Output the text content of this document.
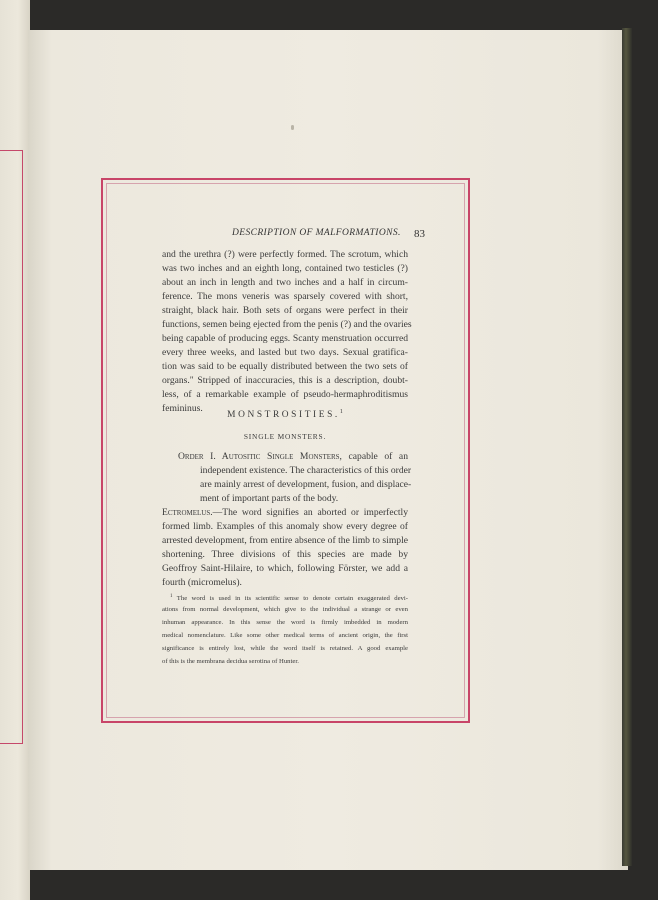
DESCRIPTION OF MALFORMATIONS. 83
and the urethra (?) were perfectly formed. The scrotum, which
was two inches and an eighth long, contained two testicles (?)
about an inch in length and two inches and a half in circum-
ference. The mons veneris was sparsely covered with short,
straight, black hair. Both sets of organs were perfect in their
functions, semen being ejected from the penis (?) and the ovaries
being capable of producing eggs. Scanty menstruation occurred
every three weeks, and lasted but two days. Sexual gratifica-
tion was said to be equally distributed between the two sets of
organs." Stripped of inaccuracies, this is a description, doubt-
less, of a remarkable example of pseudo-hermaphroditismus
femininus.
MONSTROSITIES.$^1$
SINGLE MONSTERS.
Order I. Autositic Single Monsters, capable of an
independent existence. The characteristics of this order
are mainly arrest of development, fusion, and displace-
ment of important parts of the body.
Ectromelus.—The word signifies an aborted or imperfectly
formed limb. Examples of this anomaly show every degree of
arrested development, from entire absence of the limb to simple
shortening. Three divisions of this species are made by
Geoffroy Saint-Hilaire, to which, following Förster, we add a
fourth (micromelus).
$^1$ The word is used in its scientific sense to denote certain exaggerated devi-
ations from normal development, which give to the individual a strange or even
inhuman appearance. In this sense the word is firmly imbedded in modern
medical nomenclature. Like some other medical terms of ancient origin, the first
significance is entirely lost, while the word itself is retained. A good example
of this is the membrana decidua serotina of Hunter.
